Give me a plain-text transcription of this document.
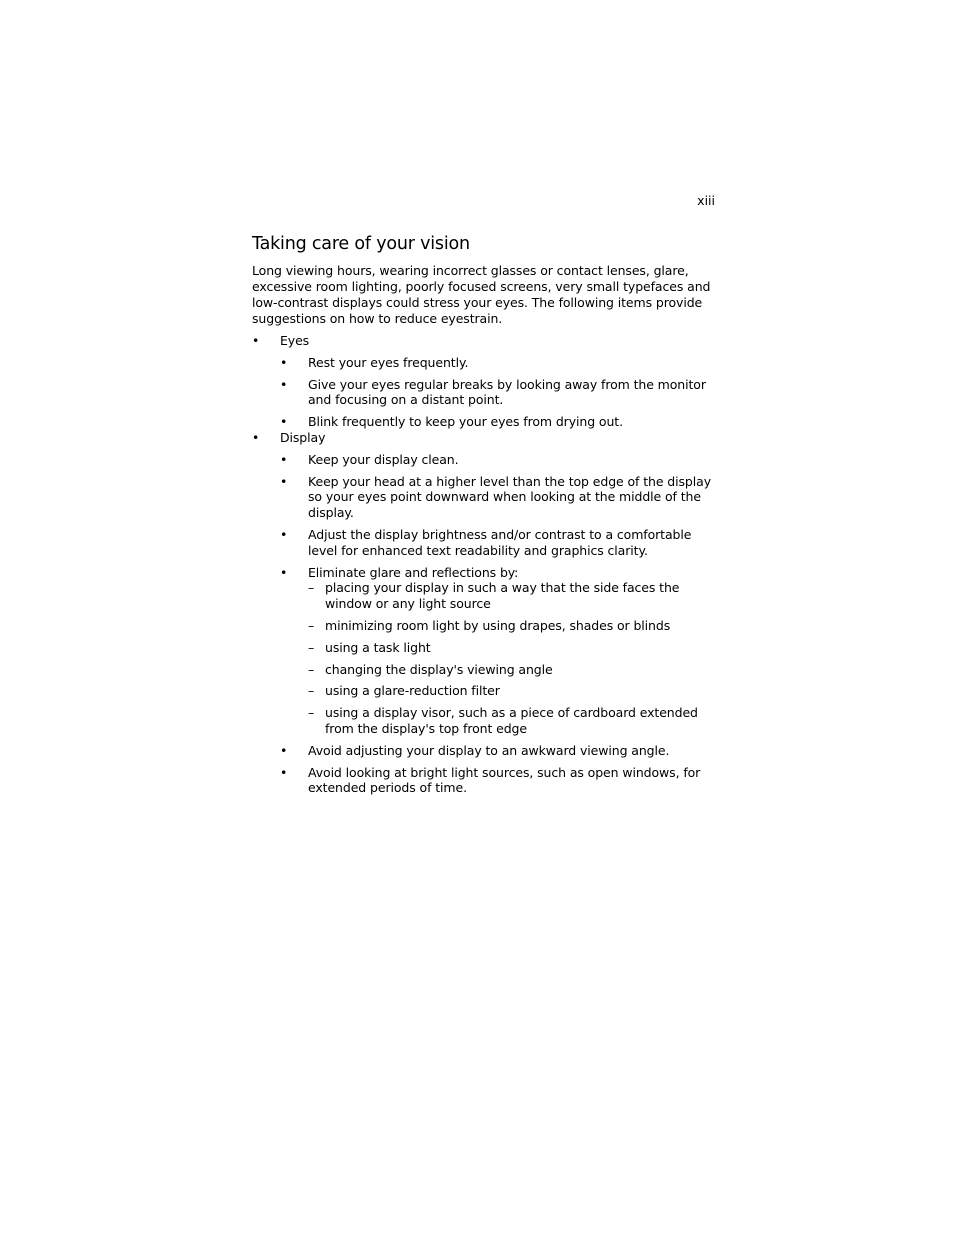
xiii
Taking care of your vision

Long viewing hours, wearing incorrect glasses or contact lenses, glare, excessive room lighting, poorly focused screens, very small typefaces and low-contrast displays could stress your eyes. The following items provide suggestions on how to reduce eyestrain.

•	Eyes
•	Rest your eyes frequently.
•	Give your eyes regular breaks by looking away from the monitor and focusing on a distant point.
•	Blink frequently to keep your eyes from drying out.
•	Display
•	Keep your display clean.
•	Keep your head at a higher level than the top edge of the display so your eyes point downward when looking at the middle of the display.
•	Adjust the display brightness and/or contrast to a comfortable level for enhanced text readability and graphics clarity.
•	Eliminate glare and reflections by:
– placing your display in such a way that the side faces the window or any light source
– minimizing room light by using drapes, shades or blinds
– using a task light
– changing the display's viewing angle
– using a glare-reduction filter
– using a display visor, such as a piece of cardboard extended from the display's top front edge
•	Avoid adjusting your display to an awkward viewing angle.
•	Avoid looking at bright light sources, such as open windows, for extended periods of time.
